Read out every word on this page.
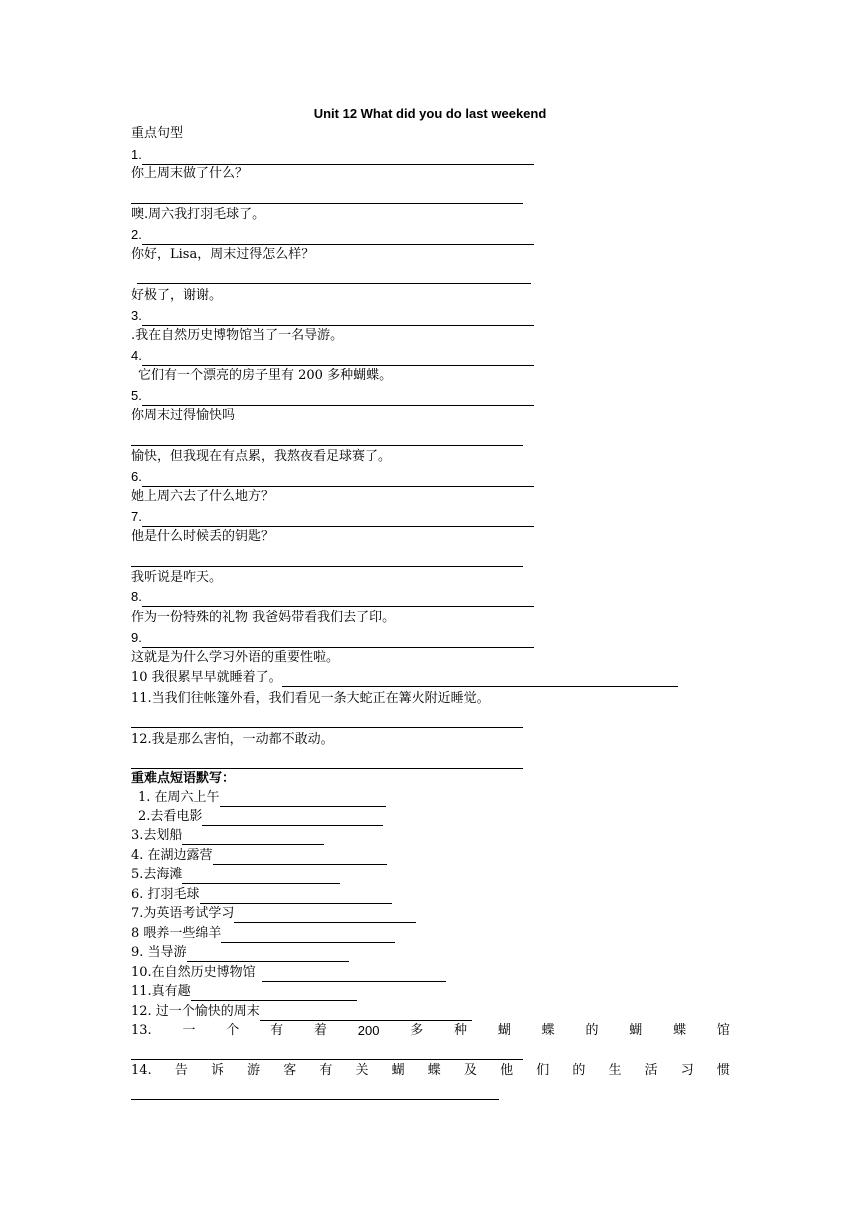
Unit 12 What did you do last weekend
重点句型
1.
你上周末做了什么？
噢.周六我打羽毛球了。
2.
你好，Lisa，周末过得怎么样？
好极了，谢谢。
3.
.我在自然历史博物馆当了一名导游。
4.
它们有一个漂亮的房子里有 200 多种蝴蝶。
5.
你周末过得愉快吗
愉快，但我现在有点累，我熬夜看足球赛了。
6.
她上周六去了什么地方？
7.
他是什么时候丢的钥匙？
我听说是咋天。
8.
作为一份特殊的礼物 我爸妈带看我们去了印。
9.
这就是为什么学习外语的重要性啦。
10 我很累早早就睡着了。
11.当我们往帐篷外看，我们看见一条大蛇正在篝火附近睡觉。
12.我是那么害怕，一动都不敢动。
重难点短语默写：
1. 在周六上午
2.去看电影
3.去划船
4. 在湖边露营
5.去海滩
6. 打羽毛球
7.为英语考试学习
8 喂养一些绵羊
9. 当导游
10.在自然历史博物馆
11.真有趣
12. 过一个愉快的周末
13. 一 个 有 着 200 多 种 蝴 蝶 的 蝴 蝶 馆
14. 告 诉 游 客 有 关 蝴 蝶 及 他 们 的 生 活 习 惯
